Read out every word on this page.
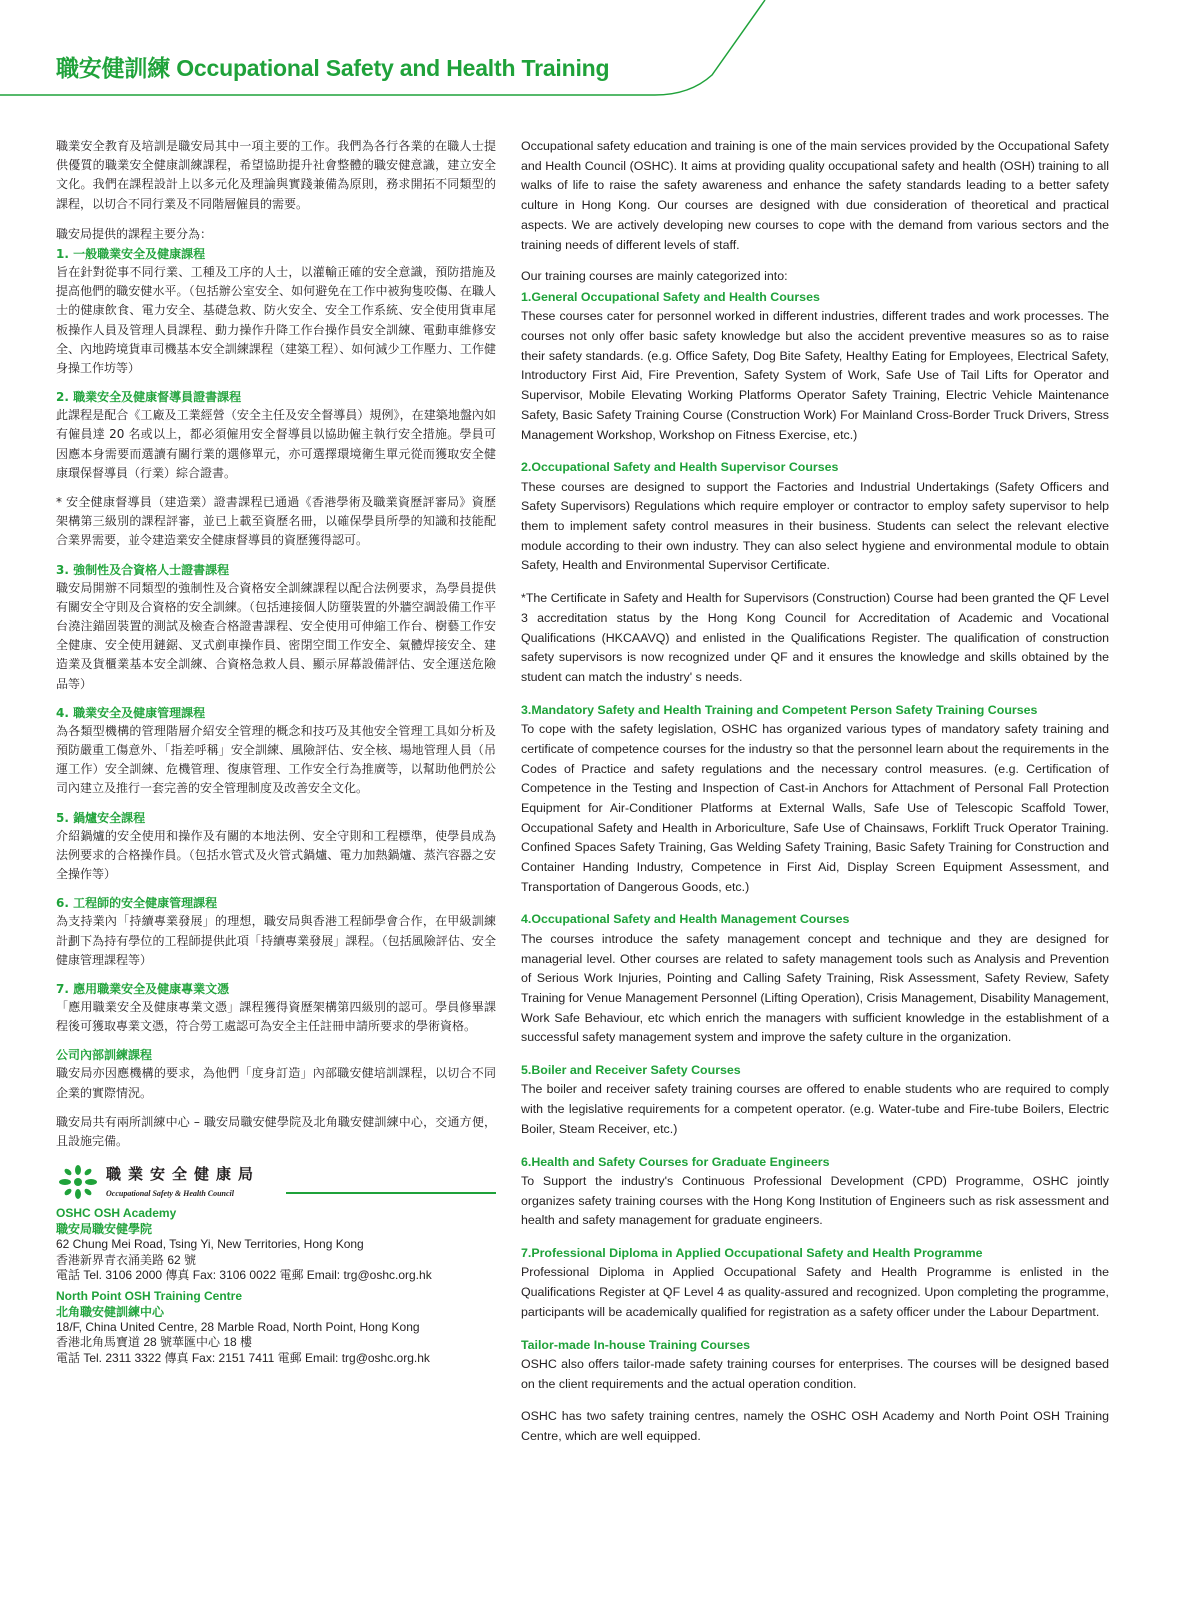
職安健訓練 Occupational Safety and Health Training

職業安全教育及培訓是職安局其中一項主要的工作。我們為各行各業的在職人士提供優質的職業安全健康訓練課程，希望協助提升社會整體的職安健意識，建立安全文化。我們在課程設計上以多元化及理論與實踐兼備為原則，務求開拓不同類型的課程，以切合不同行業及不同階層僱員的需要。

職安局提供的課程主要分為：

1. 一般職業安全及健康課程

旨在針對從事不同行業、工種及工序的人士，以灌輸正確的安全意識，預防措施及提高他們的職安健水平。（包括辦公室安全、如何避免在工作中被狗隻咬傷、在職人士的健康飲食、電力安全、基礎急救、防火安全、安全工作系統、安全使用貨車尾板操作人員及管理人員課程、動力操作升降工作台操作員安全訓練、電動車維修安全、內地跨境貨車司機基本安全訓練課程（建築工程）、如何減少工作壓力、工作健身操工作坊等）

2. 職業安全及健康督導員證書課程

此課程是配合《工廠及工業經營（安全主任及安全督導員）規例》，在建築地盤內如有僱員達 20 名或以上，都必須僱用安全督導員以協助僱主執行安全措施。學員可因應本身需要而選讀有關行業的選修單元，亦可選擇環境衛生單元從而獲取安全健康環保督導員（行業）綜合證書。

* 安全健康督導員（建造業）證書課程已通過《香港學術及職業資歷評審局》資歷架構第三級別的課程評審，並已上載至資歷名冊，以確保學員所學的知識和技能配合業界需要，並令建造業安全健康督導員的資歷獲得認可。

3. 強制性及合資格人士證書課程

職安局開辦不同類型的強制性及合資格安全訓練課程以配合法例要求，為學員提供有關安全守則及合資格的安全訓練。（包括連接個人防墮裝置的外牆空調設備工作平台澆注錨固裝置的測試及檢查合格證書課程、安全使用可伸縮工作台、樹藝工作安全健康、安全使用鏈鋸、叉式剷車操作員、密閉空間工作安全、氣體焊接安全、建造業及貨櫃業基本安全訓練、合資格急救人員、顯示屏幕設備評估、安全運送危險品等）

4. 職業安全及健康管理課程

為各類型機構的管理階層介紹安全管理的概念和技巧及其他安全管理工具如分析及預防嚴重工傷意外、「指差呼稱」安全訓練、風險評估、安全核、場地管理人員（吊運工作）安全訓練、危機管理、復康管理、工作安全行為推廣等，以幫助他們於公司內建立及推行一套完善的安全管理制度及改善安全文化。

5. 鍋爐安全課程

介紹鍋爐的安全使用和操作及有關的本地法例、安全守則和工程標準，使學員成為法例要求的合格操作員。（包括水管式及火管式鍋爐、電力加熱鍋爐、蒸汽容器之安全操作等）

6. 工程師的安全健康管理課程

為支持業內「持續專業發展」的理想，職安局與香港工程師學會合作，在甲級訓練計劃下為持有學位的工程師提供此項「持續專業發展」課程。（包括風險評估、安全健康管理課程等）

7. 應用職業安全及健康專業文憑

「應用職業安全及健康專業文憑」課程獲得資歷架構第四級別的認可。學員修畢課程後可獲取專業文憑，符合勞工處認可為安全主任註冊申請所要求的學術資格。

公司內部訓練課程

職安局亦因應機構的要求，為他們「度身訂造」內部職安健培訓課程，以切合不同企業的實際情況。

職安局共有兩所訓練中心 – 職安局職安健學院及北角職安健訓練中心，交通方便，且設施完備。

職業安全健康局
Occupational Safety & Health Council

OSHC OSH Academy

職安局職安健學院

62 Chung Mei Road, Tsing Yi, New Territories, Hong Kong

香港新界青衣涌美路 62 號

電話 Tel. 3106 2000 傳真 Fax: 3106 0022 電郵 Email: trg@oshc.org.hk

North Point OSH Training Centre

北角職安健訓練中心

18/F, China United Centre, 28 Marble Road, North Point, Hong Kong

香港北角馬寶道 28 號華匯中心 18 樓

電話 Tel. 2311 3322 傳真 Fax: 2151 7411 電郵 Email: trg@oshc.org.hk

Occupational safety education and training is one of the main services provided by the Occupational Safety and Health Council (OSHC). It aims at providing quality occupational safety and health (OSH) training to all walks of life to raise the safety awareness and enhance the safety standards leading to a better safety culture in Hong Kong. Our courses are designed with due consideration of theoretical and practical aspects. We are actively developing new courses to cope with the demand from various sectors and the training needs of different levels of staff.

Our training courses are mainly categorized into:

1.General Occupational Safety and Health Courses

These courses cater for personnel worked in different industries, different trades and work processes. The courses not only offer basic safety knowledge but also the accident preventive measures so as to raise their safety standards. (e.g. Office Safety, Dog Bite Safety, Healthy Eating for Employees, Electrical Safety, Introductory First Aid, Fire Prevention, Safety System of Work, Safe Use of Tail Lifts for Operator and Supervisor, Mobile Elevating Working Platforms Operator Safety Training, Electric Vehicle Maintenance Safety, Basic Safety Training Course (Construction Work) For Mainland Cross-Border Truck Drivers, Stress Management Workshop, Workshop on Fitness Exercise, etc.)

2.Occupational Safety and Health Supervisor Courses

These courses are designed to support the Factories and Industrial Undertakings (Safety Officers and Safety Supervisors) Regulations which require employer or contractor to employ safety supervisor to help them to implement safety control measures in their business. Students can select the relevant elective module according to their own industry. They can also select hygiene and environmental module to obtain Safety, Health and Environmental Supervisor Certificate.

*The Certificate in Safety and Health for Supervisors (Construction) Course had been granted the QF Level 3 accreditation status by the Hong Kong Council for Accreditation of Academic and Vocational Qualifications (HKCAAVQ) and enlisted in the Qualifications Register. The qualification of construction safety supervisors is now recognized under QF and it ensures the knowledge and skills obtained by the student can match the industry' s needs.

3.Mandatory Safety and Health Training and Competent Person Safety Training Courses

To cope with the safety legislation, OSHC has organized various types of mandatory safety training and certificate of competence courses for the industry so that the personnel learn about the requirements in the Codes of Practice and safety regulations and the necessary control measures. (e.g. Certification of Competence in the Testing and Inspection of Cast-in Anchors for Attachment of Personal Fall Protection Equipment for Air-Conditioner Platforms at External Walls, Safe Use of Telescopic Scaffold Tower, Occupational Safety and Health in Arboriculture, Safe Use of Chainsaws, Forklift Truck Operator Training. Confined Spaces Safety Training, Gas Welding Safety Training, Basic Safety Training for Construction and Container Handing Industry, Competence in First Aid, Display Screen Equipment Assessment, and Transportation of Dangerous Goods, etc.)

4.Occupational Safety and Health Management Courses

The courses introduce the safety management concept and technique and they are designed for managerial level. Other courses are related to safety management tools such as Analysis and Prevention of Serious Work Injuries, Pointing and Calling Safety Training, Risk Assessment, Safety Review, Safety Training for Venue Management Personnel (Lifting Operation), Crisis Management, Disability Management, Work Safe Behaviour, etc which enrich the managers with sufficient knowledge in the establishment of a successful safety management system and improve the safety culture in the organization.

5.Boiler and Receiver Safety Courses

The boiler and receiver safety training courses are offered to enable students who are required to comply with the legislative requirements for a competent operator. (e.g. Water-tube and Fire-tube Boilers, Electric Boiler, Steam Receiver, etc.)

6.Health and Safety Courses for Graduate Engineers

To Support the industry's Continuous Professional Development (CPD) Programme, OSHC jointly organizes safety training courses with the Hong Kong Institution of Engineers such as risk assessment and health and safety management for graduate engineers.

7.Professional Diploma in Applied Occupational Safety and Health Programme

Professional Diploma in Applied Occupational Safety and Health Programme is enlisted in the Qualifications Register at QF Level 4 as quality-assured and recognized. Upon completing the programme, participants will be academically qualified for registration as a safety officer under the Labour Department.

Tailor-made In-house Training Courses

OSHC also offers tailor-made safety training courses for enterprises. The courses will be designed based on the client requirements and the actual operation condition.

OSHC has two safety training centres, namely the OSHC OSH Academy and North Point OSH Training Centre, which are well equipped.
